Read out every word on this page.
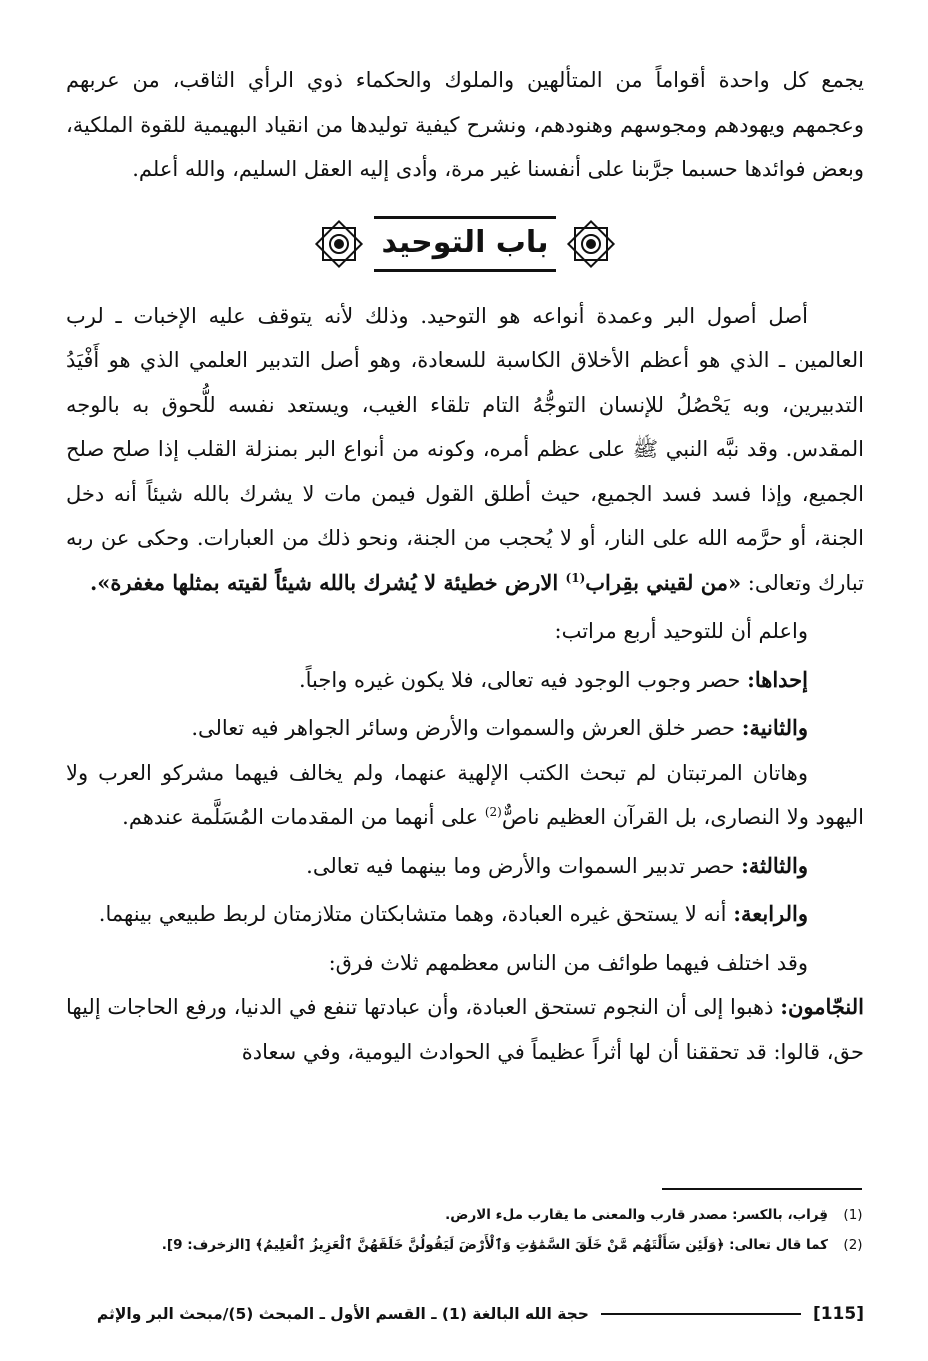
يجمع كل واحدة أقواماً من المتألهين والملوك والحكماء ذوي الرأي الثاقب، من عربهم وعجمهم ويهودهم ومجوسهم وهنودهم، ونشرح كيفية توليدها من انقياد البهيمية للقوة الملكية، وبعض فوائدها حسبما جرَّبنا على أنفسنا غير مرة، وأدى إليه العقل السليم، والله أعلم.

باب التوحيد

أصل أصول البر وعمدة أنواعه هو التوحيد. وذلك لأنه يتوقف عليه الإخبات ـ لرب العالمين ـ الذي هو أعظم الأخلاق الكاسبة للسعادة، وهو أصل التدبير العلمي الذي هو أَفْيَدُ التدبيرين، وبه يَحْصُلُ للإنسان التوجُّهُ التام تلقاء الغيب، ويستعد نفسه للُّحوق به بالوجه المقدس. وقد نبَّه النبي ﷺ على عظم أمره، وكونه من أنواع البر بمنزلة القلب إذا صلح صلح الجميع، وإذا فسد فسد الجميع، حيث أطلق القول فيمن مات لا يشرك بالله شيئاً أنه دخل الجنة، أو حرَّمه الله على النار، أو لا يُحجب من الجنة، ونحو ذلك من العبارات. وحكى عن ربه تبارك وتعالى: «من لقيني بقِراب$^{(1)}$ الارض خطيئة لا يُشرك بالله شيئاً لقيته بمثلها مغفرة».

واعلم أن للتوحيد أربع مراتب:

إحداها: حصر وجوب الوجود فيه تعالى، فلا يكون غيره واجباً.

والثانية: حصر خلق العرش والسموات والأرض وسائر الجواهر فيه تعالى.

وهاتان المرتبتان لم تبحث الكتب الإلهية عنهما، ولم يخالف فيهما مشركو العرب ولا اليهود ولا النصارى، بل القرآن العظيم ناصٌّ$^{(2)}$ على أنهما من المقدمات المُسَلَّمة عندهم.

والثالثة: حصر تدبير السموات والأرض وما بينهما فيه تعالى.

والرابعة: أنه لا يستحق غيره العبادة، وهما متشابكتان متلازمتان لربط طبيعي بينهما.

وقد اختلف فيهما طوائف من الناس معظمهم ثلاث فرق:

النجّامون: ذهبوا إلى أن النجوم تستحق العبادة، وأن عبادتها تنفع في الدنيا، ورفع الحاجات إليها حق، قالوا: قد تحققنا أن لها أثراً عظيماً في الحوادث اليومية، وفي سعادة

(1)
قِراب، بالكسر: مصدر قارب والمعنى ما يقارب ملء الارض.
(2)
كما قال تعالى: ﴿وَلَئِن سَأَلْتَهُم مَّنْ خَلَقَ السَّمَٰوَٰتِ وَٱلْأَرْضَ لَيَقُولُنَّ خَلَقَهُنَّ ٱلْعَزِيزُ ٱلْعَلِيمُ﴾ [الزخرف: 9].
[115]
حجة الله البالغة (1) ـ القسم الأول ـ المبحث (5)/مبحث البر والإثم
